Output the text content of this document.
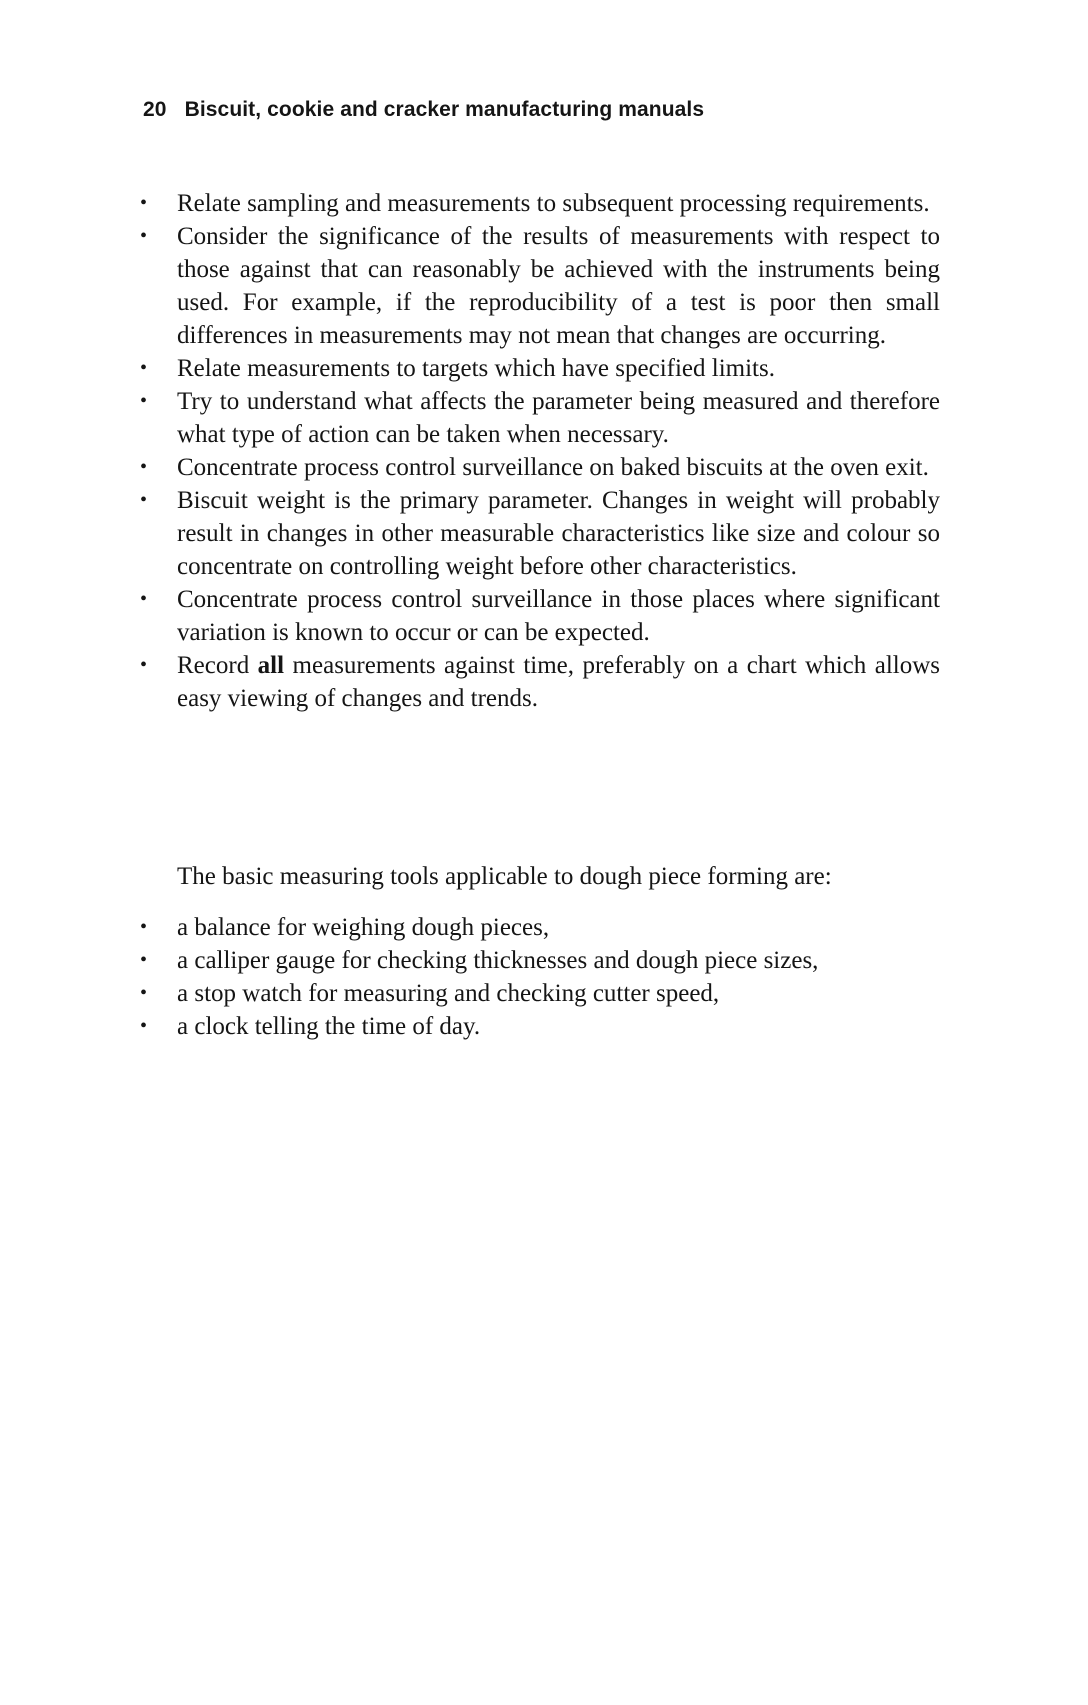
20 Biscuit, cookie and cracker manufacturing manuals
•	Relate sampling and measurements to subsequent processing requirements.
•	Consider the significance of the results of measurements with respect to those against that can reasonably be achieved with the instruments being used. For example, if the reproducibility of a test is poor then small differences in measurements may not mean that changes are occurring.
•	Relate measurements to targets which have specified limits.
•	Try to understand what affects the parameter being measured and therefore what type of action can be taken when necessary.
•	Concentrate process control surveillance on baked biscuits at the oven exit.
•	Biscuit weight is the primary parameter. Changes in weight will probably result in changes in other measurable characteristics like size and colour so concentrate on controlling weight before other characteristics.
•	Concentrate process control surveillance in those places where significant variation is known to occur or can be expected.
•	Record all measurements against time, preferably on a chart which allows easy viewing of changes and trends.

The basic measuring tools applicable to dough piece forming are:

•	a balance for weighing dough pieces,
•	a calliper gauge for checking thicknesses and dough piece sizes,
•	a stop watch for measuring and checking cutter speed,
•	a clock telling the time of day.
